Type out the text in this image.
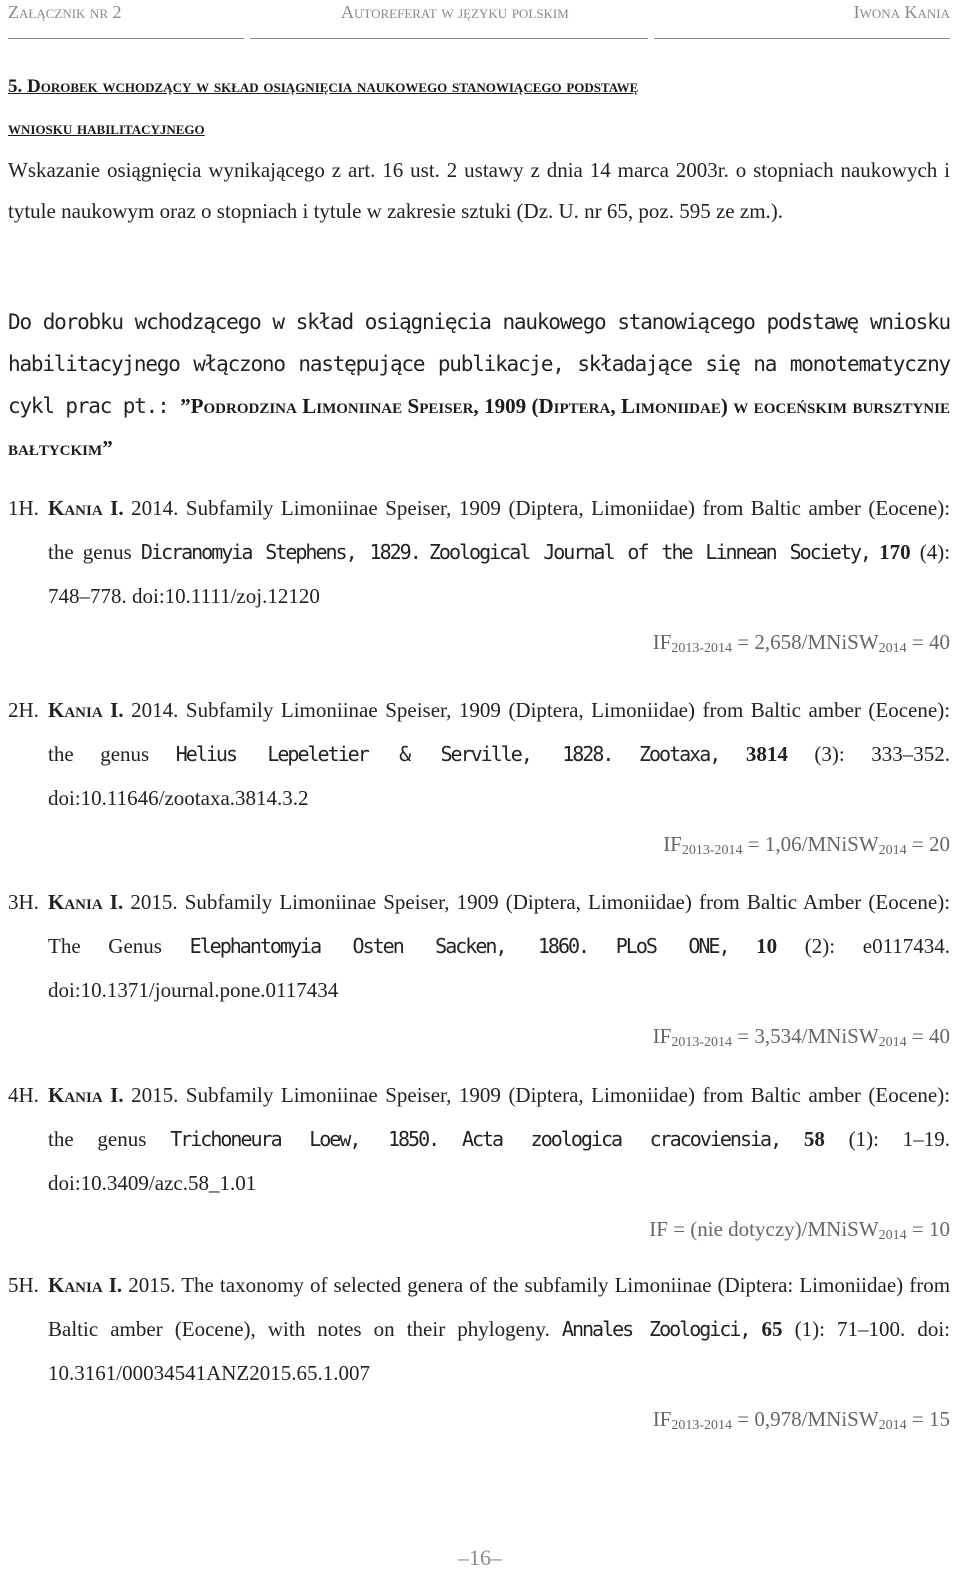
Załącznik nr 2	Autoreferat w języku polskim	Iwona Kania
5. Dorobek wchodzący w skład osiągnięcia naukowego stanowiącego podstawę
wniosku habilitacyjnego
Wskazanie osiągnięcia wynikającego z art. 16 ust. 2 ustawy z dnia 14 marca 2003r. o stopniach naukowych i tytule naukowym oraz o stopniach i tytule w zakresie sztuki (Dz. U. nr 65, poz. 595 ze zm.).
Do dorobku wchodzącego w skład osiągnięcia naukowego stanowiącego podstawę wniosku habilitacyjnego włączono następujące publikacje, składające się na monotematyczny cykl prac pt.: ”Podrodzina Limoniinae Speiser, 1909 (Diptera, Limoniidae) w eoceńskim bursztynie bałtyckim”
1H. Kania I. 2014. Subfamily Limoniinae Speiser, 1909 (Diptera, Limoniidae) from Baltic amber (Eocene): the genus Dicranomyia Stephens, 1829. Zoological Journal of the Linnean Society, 170 (4): 748–778. doi:10.1111/zoj.12120
$IF_{2013-2014}$ = 2,658/MNiSW$_{2014}$ = 40
2H. Kania I. 2014. Subfamily Limoniinae Speiser, 1909 (Diptera, Limoniidae) from Baltic amber (Eocene): the genus Helius Lepeletier & Serville, 1828. Zootaxa, 3814 (3): 333–352. doi:10.11646/zootaxa.3814.3.2
$IF_{2013-2014}$ = 1,06/MNiSW$_{2014}$ = 20
3H. Kania I. 2015. Subfamily Limoniinae Speiser, 1909 (Diptera, Limoniidae) from Baltic Amber (Eocene): The Genus Elephantomyia Osten Sacken, 1860. PLoS ONE, 10 (2): e0117434. doi:10.1371/journal.pone.0117434
$IF_{2013-2014}$ = 3,534/MNiSW$_{2014}$ = 40
4H. Kania I. 2015. Subfamily Limoniinae Speiser, 1909 (Diptera, Limoniidae) from Baltic amber (Eocene): the genus Trichoneura Loew, 1850. Acta zoologica cracoviensia, 58 (1): 1–19. doi:10.3409/azc.58_1.01
IF = (nie dotyczy)/MNiSW$_{2014}$ = 10
5H. Kania I. 2015. The taxonomy of selected genera of the subfamily Limoniinae (Diptera: Limoniidae) from Baltic amber (Eocene), with notes on their phylogeny. Annales Zoologici, 65 (1): 71–100. doi: 10.3161/00034541ANZ2015.65.1.007
$IF_{2013-2014}$ = 0,978/MNiSW$_{2014}$ = 15
–16–
